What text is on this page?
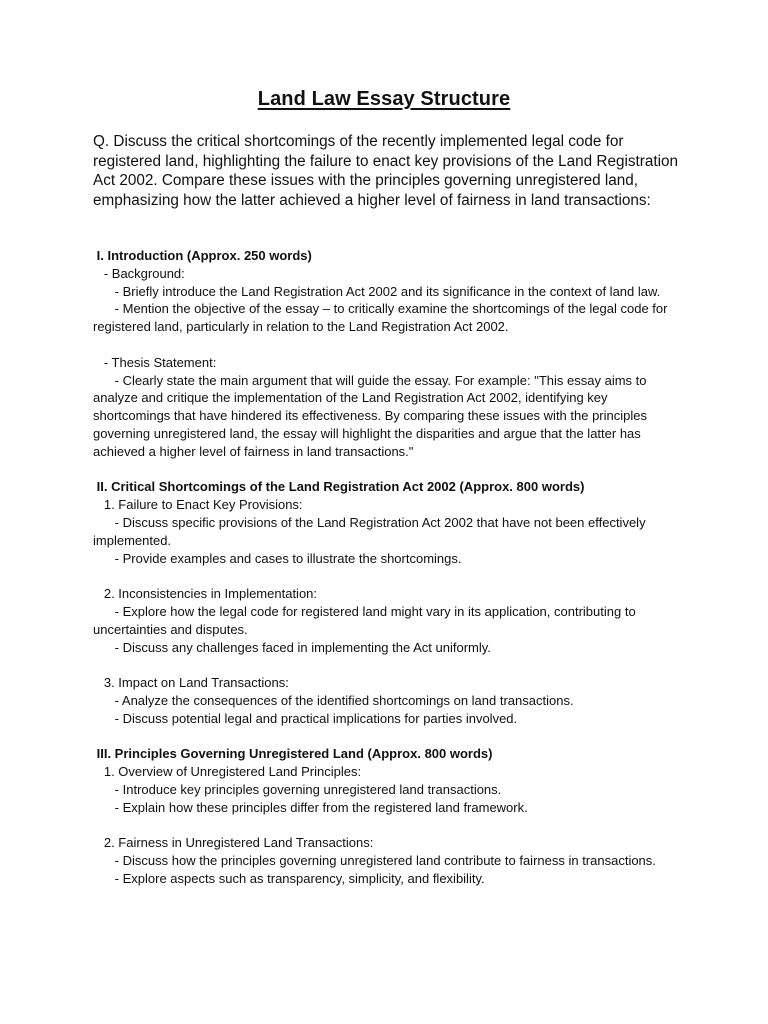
Land Law Essay Structure
Q. Discuss the critical shortcomings of the recently implemented legal code for registered land, highlighting the failure to enact key provisions of the Land Registration Act 2002. Compare these issues with the principles governing unregistered land, emphasizing how the latter achieved a higher level of fairness in land transactions:

I. Introduction (Approx. 250 words)

- Background:

- Briefly introduce the Land Registration Act 2002 and its significance in the context of land law.

- Mention the objective of the essay – to critically examine the shortcomings of the legal code for registered land, particularly in relation to the Land Registration Act 2002.

- Thesis Statement:

- Clearly state the main argument that will guide the essay. For example: "This essay aims to analyze and critique the implementation of the Land Registration Act 2002, identifying key shortcomings that have hindered its effectiveness. By comparing these issues with the principles governing unregistered land, the essay will highlight the disparities and argue that the latter has achieved a higher level of fairness in land transactions."

II. Critical Shortcomings of the Land Registration Act 2002 (Approx. 800 words)

1. Failure to Enact Key Provisions:

- Discuss specific provisions of the Land Registration Act 2002 that have not been effectively implemented.

- Provide examples and cases to illustrate the shortcomings.

2. Inconsistencies in Implementation:

- Explore how the legal code for registered land might vary in its application, contributing to uncertainties and disputes.

- Discuss any challenges faced in implementing the Act uniformly.

3. Impact on Land Transactions:

- Analyze the consequences of the identified shortcomings on land transactions.

- Discuss potential legal and practical implications for parties involved.

III. Principles Governing Unregistered Land (Approx. 800 words)

1. Overview of Unregistered Land Principles:

- Introduce key principles governing unregistered land transactions.

- Explain how these principles differ from the registered land framework.

2. Fairness in Unregistered Land Transactions:

- Discuss how the principles governing unregistered land contribute to fairness in transactions.

- Explore aspects such as transparency, simplicity, and flexibility.
